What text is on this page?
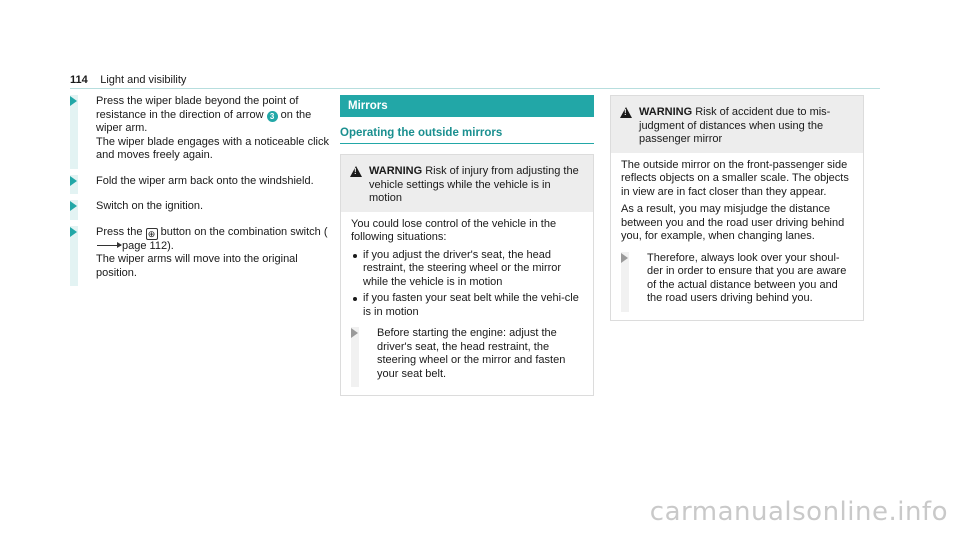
114 Light and visibility

Press the wiper blade beyond the point of resistance in the direction of arrow 3 on the wiper arm.
The wiper blade engages with a noticeable click and moves freely again.

Fold the wiper arm back onto the windshield.

Switch on the ignition.

Press the ⊕ button on the combination switch (page 112).
The wiper arms will move into the original position.

Mirrors
Operating the outside mirrors
!
WARNING Risk of injury from adjusting the vehicle settings while the vehicle is in motion

You could lose control of the vehicle in the following situations:

if you adjust the driver's seat, the head restraint, the steering wheel or the mirror while the vehicle is in motion
if you fasten your seat belt while the vehi-cle is in motion

Before starting the engine: adjust the driver's seat, the head restraint, the steering wheel or the mirror and fasten your seat belt.

!
WARNING Risk of accident due to mis-judgment of distances when using the passenger mirror

The outside mirror on the front-passenger side reflects objects on a smaller scale. The objects in view are in fact closer than they appear.

As a result, you may misjudge the distance between you and the road user driving behind you, for example, when changing lanes.

Therefore, always look over your shoul-der in order to ensure that you are aware of the actual distance between you and the road users driving behind you.

carmanualsonline.info
